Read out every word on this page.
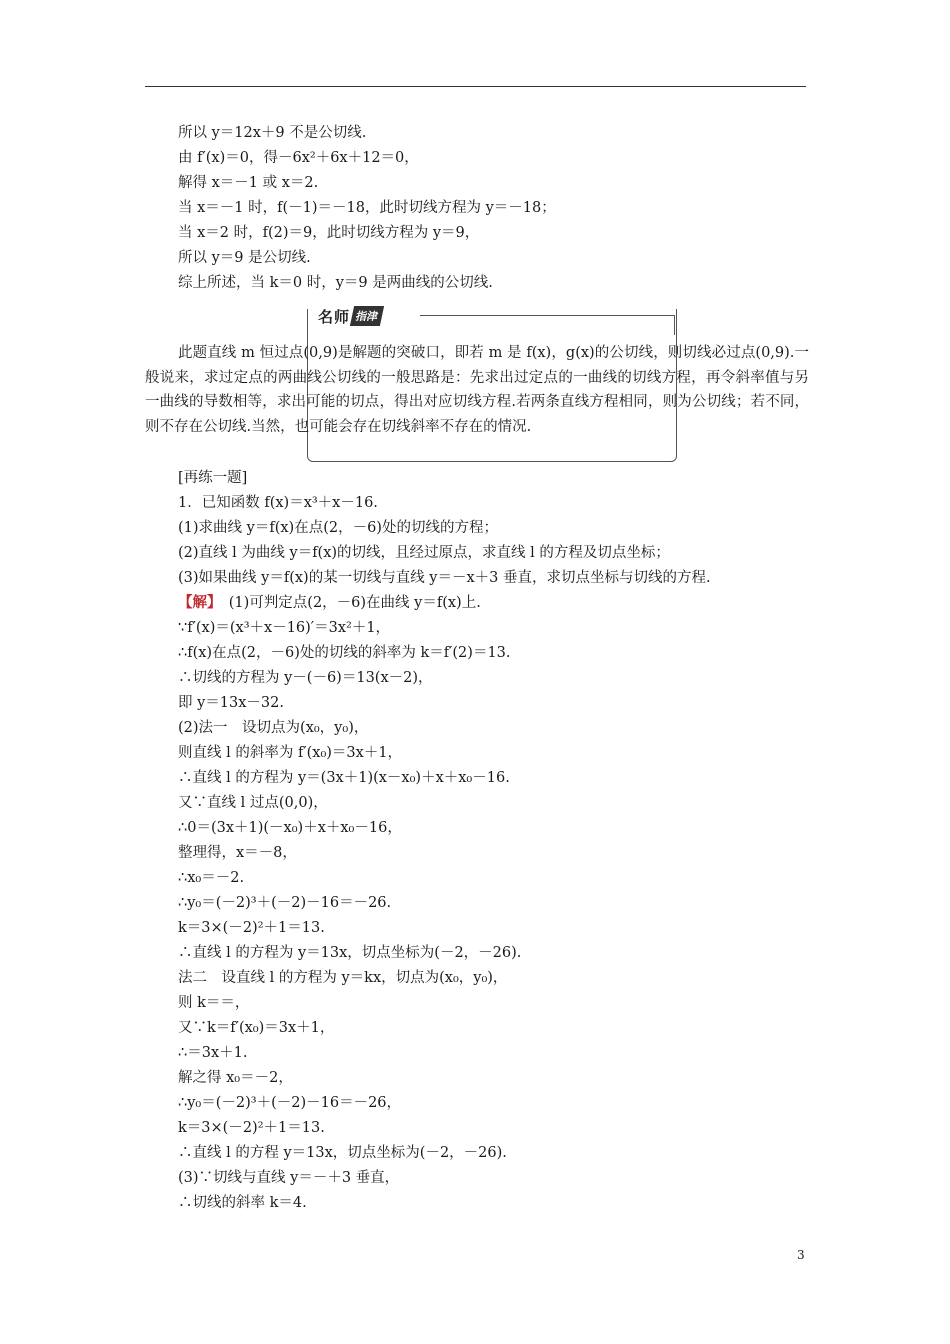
所以 y＝12x＋9 不是公切线.
由 f′(x)＝0，得－6x²＋6x＋12＝0，
解得 x＝－1 或 x＝2.
当 x＝－1 时，f(－1)＝－18，此时切线方程为 y＝－18；
当 x＝2 时，f(2)＝9，此时切线方程为 y＝9，
所以 y＝9 是公切线.
综上所述，当 k＝0 时，y＝9 是两曲线的公切线.
名师 指津
此题直线 m 恒过点(0,9)是解题的突破口，即若 m 是 f(x)，g(x)的公切线，则切线必过点(0,9).一般说来，求过定点的两曲线公切线的一般思路是：先求出过定点的一曲线的切线方程，再令斜率值与另一曲线的导数相等，求出可能的切点，得出对应切线方程.若两条直线方程相同，则为公切线；若不同，则不存在公切线.当然，也可能会存在切线斜率不存在的情况.
[再练一题]
1．已知函数 f(x)＝x³＋x－16.
(1)求曲线 y＝f(x)在点(2，－6)处的切线的方程；
(2)直线 l 为曲线 y＝f(x)的切线，且经过原点，求直线 l 的方程及切点坐标；
(3)如果曲线 y＝f(x)的某一切线与直线 y＝－x＋3 垂直，求切点坐标与切线的方程.
【解】　(1)可判定点(2，－6)在曲线 y＝f(x)上.
∵f′(x)＝(x³＋x－16)′＝3x²＋1，
∴f(x)在点(2，－6)处的切线的斜率为 k＝f′(2)＝13.
∴切线的方程为 y－(－6)＝13(x－2)，
即 y＝13x－32.
(2)法一　设切点为(x₀，y₀)，
则直线 l 的斜率为 f′(x₀)＝3x＋1，
∴直线 l 的方程为 y＝(3x＋1)(x－x₀)＋x＋x₀－16.
又∵直线 l 过点(0,0)，
∴0＝(3x＋1)(－x₀)＋x＋x₀－16，
整理得，x＝－8，
∴x₀＝－2.
∴y₀＝(－2)³＋(－2)－16＝－26.
k＝3×(－2)²＋1＝13.
∴直线 l 的方程为 y＝13x，切点坐标为(－2，－26).
法二　设直线 l 的方程为 y＝kx，切点为(x₀，y₀)，
则 k＝＝，
又∵k＝f′(x₀)＝3x＋1，
∴＝3x＋1.
解之得 x₀＝－2，
∴y₀＝(－2)³＋(－2)－16＝－26，
k＝3×(－2)²＋1＝13.
∴直线 l 的方程 y＝13x，切点坐标为(－2，－26).
(3)∵切线与直线 y＝－＋3 垂直，
∴切线的斜率 k＝4.
3
